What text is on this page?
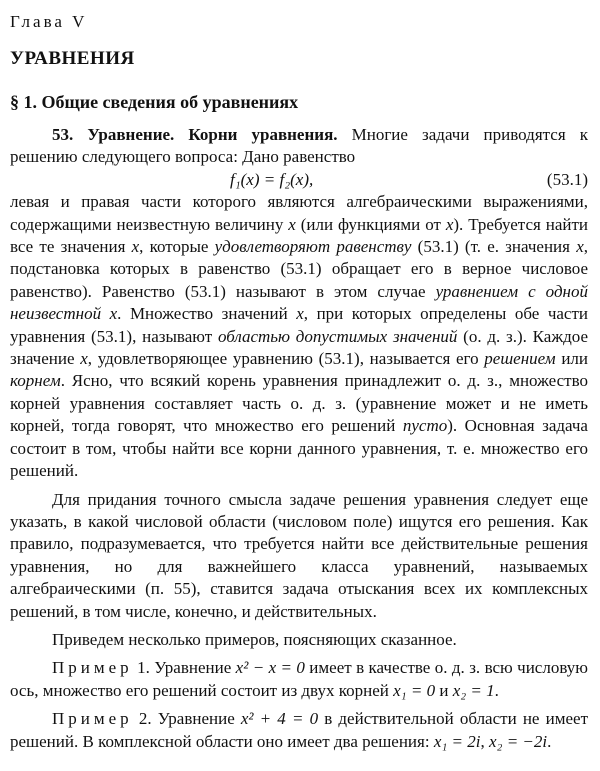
Глава V
УРАВНЕНИЯ
§ 1. Общие сведения об уравнениях

53. Уравнение. Корни уравнения. Многие задачи приводятся к решению следующего вопроса: Дано равенство

f₁(x) = f₂(x),	(53.1)

левая и правая части которого являются алгебраическими выражениями, содержащими неизвестную величину x (или функциями от x). Требуется найти все те значения x, которые удовлетворяют равенству (53.1) (т. е. значения x, подстановка которых в равенство (53.1) обращает его в верное числовое равенство). Равенство (53.1) называют в этом случае уравнением с одной неизвестной x. Множество значений x, при которых определены обе части уравнения (53.1), называют областью допустимых значений (о. д. з.). Каждое значение x, удовлетворяющее уравнению (53.1), называется его решением или корнем. Ясно, что всякий корень уравнения принадлежит о. д. з., множество корней уравнения составляет часть о. д. з. (уравнение может и не иметь корней, тогда говорят, что множество его решений пусто). Основная задача состоит в том, чтобы найти все корни данного уравнения, т. е. множество его решений.

Для придания точного смысла задаче решения уравнения следует еще указать, в какой числовой области (числовом поле) ищутся его решения. Как правило, подразумевается, что требуется найти все действительные решения уравнения, но для важнейшего класса уравнений, называемых алгебраическими (п. 55), ставится задача отыскания всех их комплексных решений, в том числе, конечно, и действительных.

Приведем несколько примеров, поясняющих сказанное.

Пример 1. Уравнение x² − x = 0 имеет в качестве о. д. з. всю числовую ось, множество его решений состоит из двух корней x₁ = 0 и x₂ = 1.

Пример 2. Уравнение x² + 4 = 0 в действительной области не имеет решений. В комплексной области оно имеет два решения: x₁ = 2i, x₂ = −2i.
